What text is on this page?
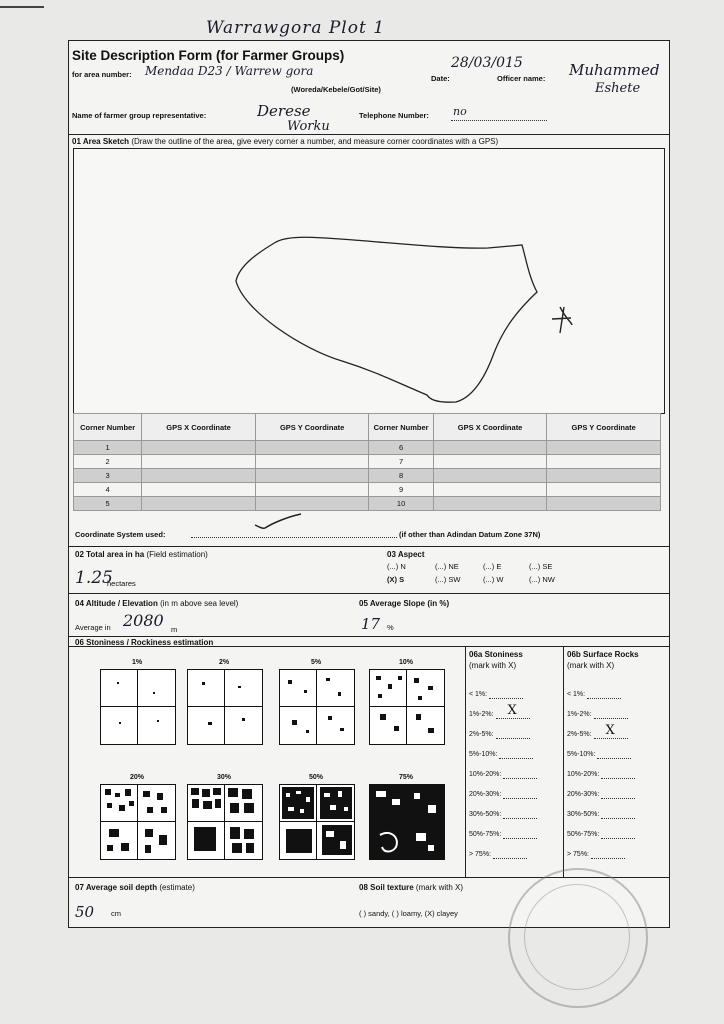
Warrawgora Plot 1
Site Description Form (for Farmer Groups)
for area number: Mendaa D23 / Warrew gora
(Woreda/Kebele/Got/Site)
Date:
28/03/015
Officer name: Muhammed
Eshete
Name of farmer group representative:	Derese
Worku
Telephone Number: no
01 Area Sketch (Draw the outline of the area, give every corner a number, and measure corner coordinates with a GPS)
Corner Number	GPS X Coordinate	GPS Y Coordinate	Corner Number	GPS X Coordinate	GPS Y Coordinate
1			6		
2			7		
3			8		
4			9		
5			10		
Coordinate System used:	(if other than Adindan Datum Zone 37N)
02 Total area in ha (Field estimation)
1.25
hectares
03 Aspect
(...) N	(...) NE	(...) E	(...) SE
(X) S	(...) SW	(...) W	(...) NW
04 Altitude / Elevation (in m above sea level)
Average in 2080 m
05 Average Slope (in %)
17 %
06 Stoniness / Rockiness estimation
1%	2%	5%	10%
20%	30%	50%	75%
06a Stoniness
(mark with X)
06b Surface Rocks
(mark with X)
07 Average soil depth (estimate)
50 cm
08 Soil texture (mark with X)
( ) sandy, ( ) loamy, (X) clayey
< 1%:
1%-2%: X

2%-5%:
5%-10%:
10%-20%:
20%-30%:
30%-50%:
50%-75%:
> 75%:
< 1%:
1%-2%:
2%-5%: X

5%-10%:
10%-20%:
20%-30%:
30%-50%:
50%-75%:
> 75%:
